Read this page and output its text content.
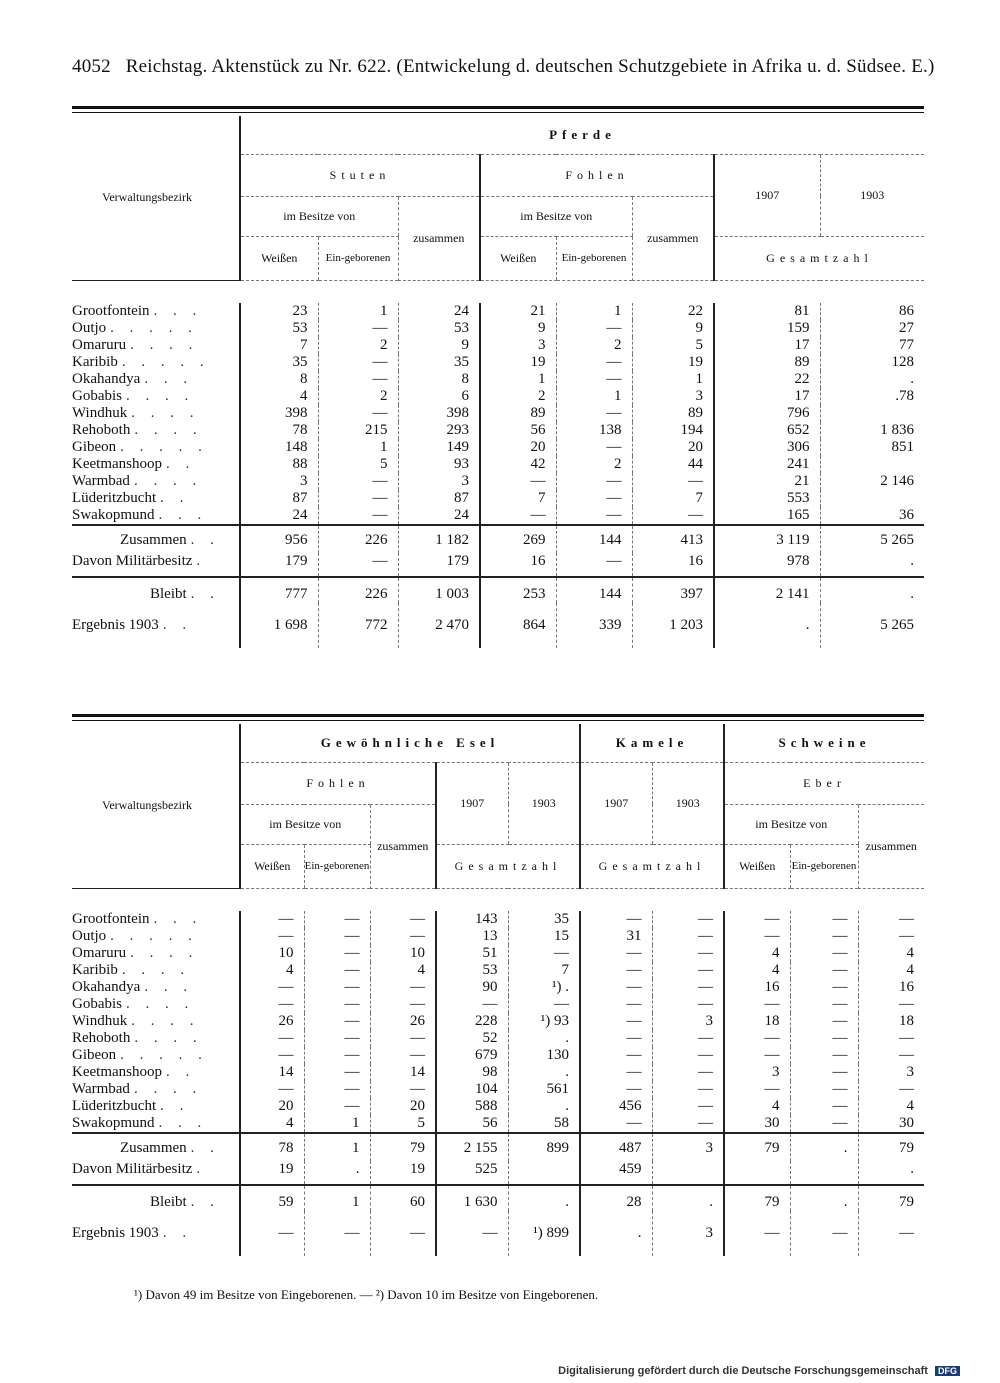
4052 Reichstag. Aktenstück zu Nr. 622. (Entwickelung d. deutschen Schutzgebiete in Afrika u. d. Südsee. E.)
Verwaltungsbezirk	Pferde							
	Stuten			Fohlen			1907	1903
	im Besitze von		zusammen	im Besitze von		zusammen		
	Weißen	Ein-geborenen		Weißen	Ein-geborenen		Gesamtzahl	

Grootfontein . . .	23	1	24	21	1	22	81	86
Outjo . . . . .	53	—	53	9	—	9	159	27
Omaruru . . . .	7	2	9	3	2	5	17	77
Karibib . . . . .	35	—	35	19	—	19	89	128
Okahandya . . .	8	—	8	1	—	1	22	.
Gobabis . . . .	4	2	6	2	1	3	17	.78
Windhuk . . . .	398	—	398	89	—	89	796	
Rehoboth . . . .	78	215	293	56	138	194	652	1 836
Gibeon . . . . .	148	1	149	20	—	20	306	851
Keetmanshoop . .	88	5	93	42	2	44	241	
Warmbad . . . .	3	—	3	—	—	—	21	2 146
Lüderitzbucht . .	87	—	87	7	—	7	553	
Swakopmund . . .	24	—	24	—	—	—	165	36
Zusammen . .	956	226	1 182	269	144	413	3 119	5 265
Davon Militärbesitz .	179	—	179	16	—	16	978	.
Bleibt . .	777	226	1 003	253	144	397	2 141	.
Ergebnis 1903 . .	1 698	772	2 470	864	339	1 203	.	5 265
Verwaltungsbezirk	Gewöhnliche Esel					Kamele		Schweine		
	Fohlen			1907	1903	1907	1903	Eber		
	im Besitze von		zusammen					im Besitze von		zusammen
	Weißen	Ein-geborenen		Gesamtzahl		Gesamtzahl		Weißen	Ein-geborenen	

Grootfontein . . .	—	—	—	143	35	—	—	—	—	—
Outjo . . . . .	—	—	—	13	15	31	—	—	—	—
Omaruru . . . .	10	—	10	51	—	—	—	4	—	4
Karibib . . . .	4	—	4	53	7	—	—	4	—	4
Okahandya . . .	—	—	—	90	¹) .	—	—	16	—	16
Gobabis . . . .	—	—	—	—	—	—	—	—	—	—
Windhuk . . . .	26	—	26	228	¹) 93	—	3	18	—	18
Rehoboth . . . .	—	—	—	52	.	—	—	—	—	—
Gibeon . . . . .	—	—	—	679	130	—	—	—	—	—
Keetmanshoop . .	14	—	14	98	.	—	—	3	—	3
Warmbad . . . .	—	—	—	104	561	—	—	—	—	—
Lüderitzbucht . .	20	—	20	588	.	456	—	4	—	4
Swakopmund . . .	4	1	5	56	58	—	—	30	—	30
Zusammen . .	78	1	79	2 155	899	487	3	79	.	79
Davon Militärbesitz .	19	.	19	525		459				.
Bleibt . .	59	1	60	1 630	.	28	.	79	.	79
Ergebnis 1903 . .	—	—	—	—	¹) 899	.	3	—	—	—
¹) Davon 49 im Besitze von Eingeborenen. — ²) Davon 10 im Besitze von Eingeborenen.
Digitalisierung gefördert durch die Deutsche Forschungsgemeinschaft DFG
